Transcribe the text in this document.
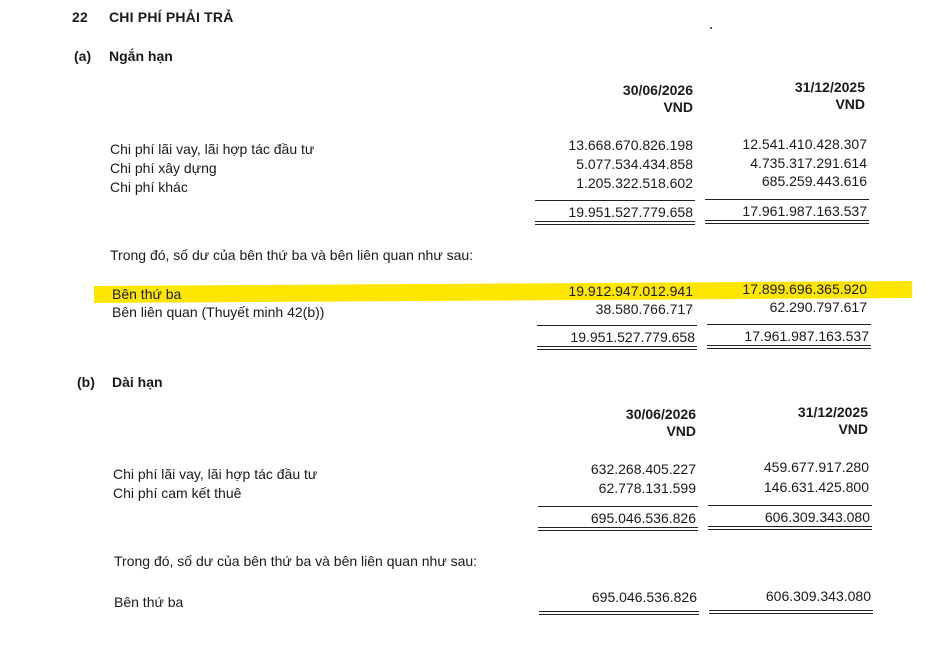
22 CHI PHÍ PHẢI TRẢ
(a) Ngắn hạn
30/06/2026
VND
31/12/2025
VND
Chi phí lãi vay, lãi hợp tác đầu tư	13.668.670.826.198	12.541.410.428.307
Chi phí xây dựng	5.077.534.434.858	4.735.317.291.614
Chi phí khác	1.205.322.518.602	685.259.443.616
19.951.527.779.658	17.961.987.163.537
Trong đó, số dư của bên thứ ba và bên liên quan như sau:
Bên thứ ba	19.912.947.012.941	17.899.696.365.920
Bên liên quan (Thuyết minh 42(b))	38.580.766.717	62.290.797.617
19.951.527.779.658	17.961.987.163.537
(b) Dài hạn
30/06/2026
VND
31/12/2025
VND
Chi phí lãi vay, lãi hợp tác đầu tư	632.268.405.227	459.677.917.280
Chi phí cam kết thuê	62.778.131.599	146.631.425.800
695.046.536.826	606.309.343.080
Trong đó, số dư của bên thứ ba và bên liên quan như sau:
Bên thứ ba	695.046.536.826	606.309.343.080
